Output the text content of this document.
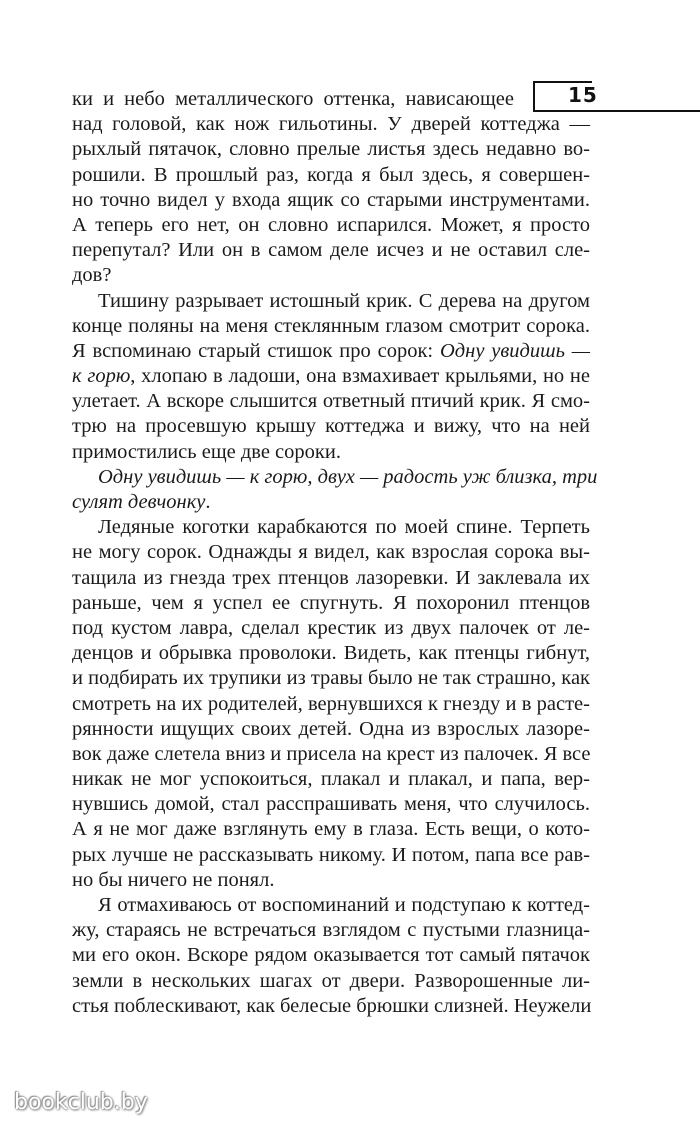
15
ки и небо металлического оттенка, нависающее
над головой, как нож гильотины. У дверей коттеджа —
рыхлый пятачок, словно прелые листья здесь недавно во-
рошили. В прошлый раз, когда я был здесь, я совершен-
но точно видел у входа ящик со старыми инструментами.
А теперь его нет, он словно испарился. Может, я просто
перепутал? Или он в самом деле исчез и не оставил сле-
дов?
Тишину разрывает истошный крик. С дерева на другом
конце поляны на меня стеклянным глазом смотрит сорока.
Я вспоминаю старый стишок про сорок: Одну увидишь —
к горю, хлопаю в ладоши, она взмахивает крыльями, но не
улетает. А вскоре слышится ответный птичий крик. Я смо-
трю на просевшую крышу коттеджа и вижу, что на ней
примостились еще две сороки.
Одну увидишь — к горю, двух — радость уж близка, три
сулят девчонку.
Ледяные коготки карабкаются по моей спине. Терпеть
не могу сорок. Однажды я видел, как взрослая сорока вы-
тащила из гнезда трех птенцов лазоревки. И заклевала их
раньше, чем я успел ее спугнуть. Я похоронил птенцов
под кустом лавра, сделал крестик из двух палочек от ле-
денцов и обрывка проволоки. Видеть, как птенцы гибнут,
и подбирать их трупики из травы было не так страшно, как
смотреть на их родителей, вернувшихся к гнезду и в расте-
рянности ищущих своих детей. Одна из взрослых лазоре-
вок даже слетела вниз и присела на крест из палочек. Я все
никак не мог успокоиться, плакал и плакал, и папа, вер-
нувшись домой, стал расспрашивать меня, что случилось.
А я не мог даже взглянуть ему в глаза. Есть вещи, о кото-
рых лучше не рассказывать никому. И потом, папа все рав-
но бы ничего не понял.
Я отмахиваюсь от воспоминаний и подступаю к коттед-
жу, стараясь не встречаться взглядом с пустыми глазница-
ми его окон. Вскоре рядом оказывается тот самый пятачок
земли в нескольких шагах от двери. Разворошенные ли-
стья поблескивают, как белесые брюшки слизней. Неужели
bookclub.by
